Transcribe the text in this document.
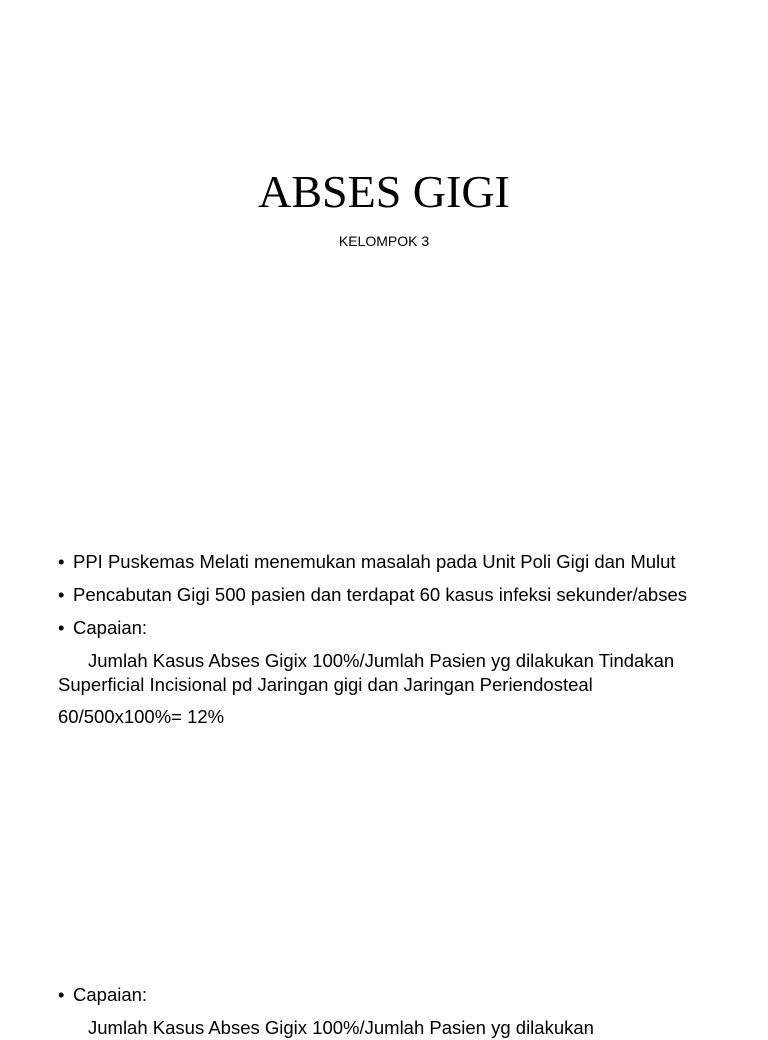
ABSES GIGI
KELOMPOK 3
• PPI Puskemas Melati menemukan masalah pada Unit Poli Gigi dan Mulut
• Pencabutan Gigi 500 pasien dan terdapat 60 kasus infeksi sekunder/abses
• Capaian:

Jumlah Kasus Abses Gigix 100%/Jumlah Pasien yg dilakukan Tindakan Superficial Incisional pd Jaringan gigi dan Jaringan Periendosteal

60/500x100%= 12%

• Capaian:

Jumlah Kasus Abses Gigix 100%/Jumlah Pasien yg dilakukan
